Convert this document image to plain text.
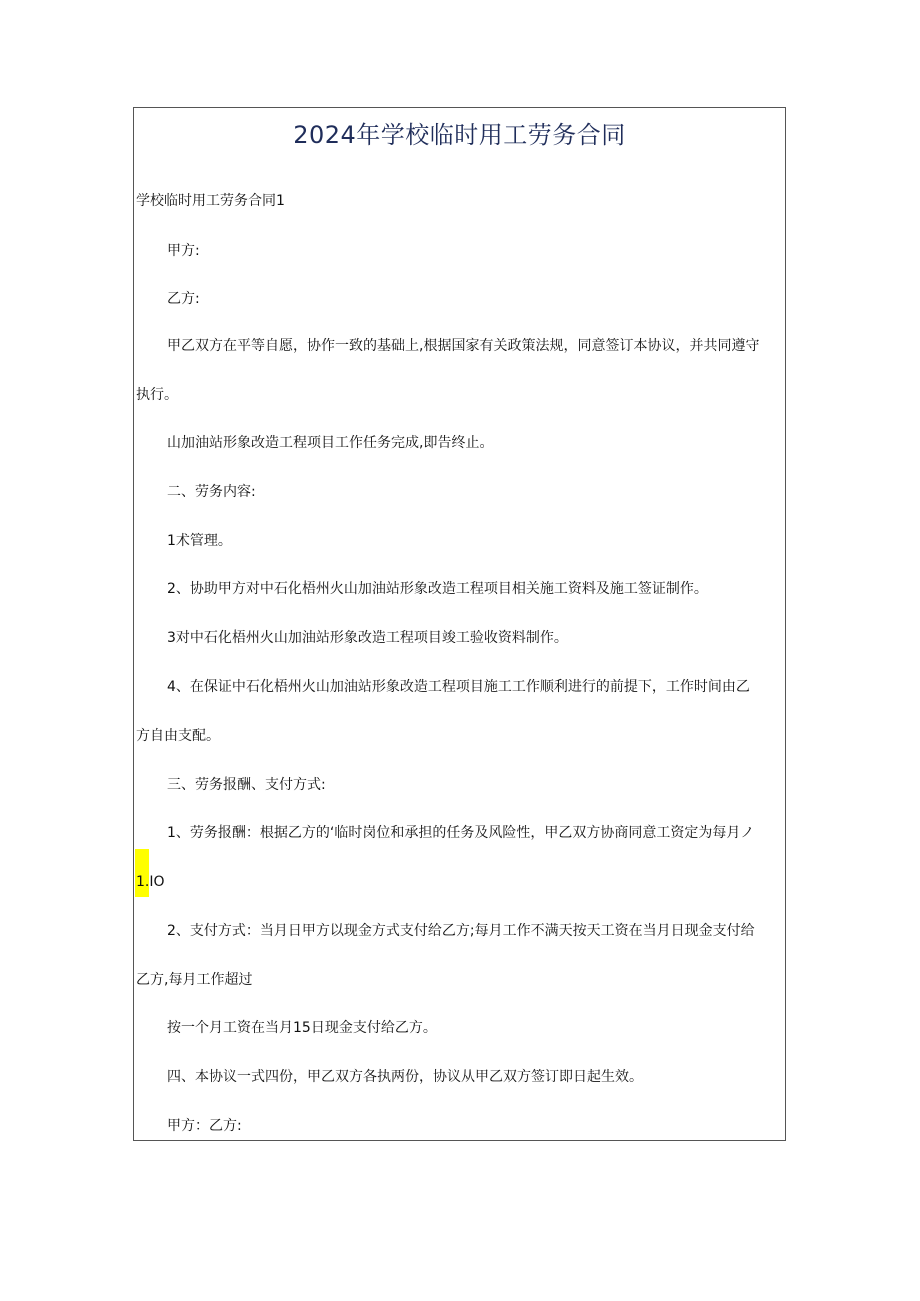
2024年学校临时用工劳务合同
学校临时用工劳务合同1
甲方:
乙方:
甲乙双方在平等自愿，协作一致的基础上,根据国家有关政策法规，同意签订本协议，并共同遵守
执行。
山加油站形象改造工程项目工作任务完成,即告终止。
二、劳务内容:
1术管理。
2、协助甲方对中石化梧州火山加油站形象改造工程项目相关施工资料及施工签证制作。
3对中石化梧州火山加油站形象改造工程项目竣工验收资料制作。
4、在保证中石化梧州火山加油站形象改造工程项目施工工作顺利进行的前提下，工作时间由乙
方自由支配。
三、劳务报酬、支付方式:
1、劳务报酬：根据乙方的‘临时岗位和承担的任务及风险性，甲乙双方协商同意工资定为每月ノ
1.IO
2、支付方式：当月日甲方以现金方式支付给乙方;每月工作不满天按天工资在当月日现金支付给
乙方,每月工作超过
按一个月工资在当月15日现金支付给乙方。
四、本协议一式四份，甲乙双方各执两份，协议从甲乙双方签订即日起生效。
甲方：乙方:
